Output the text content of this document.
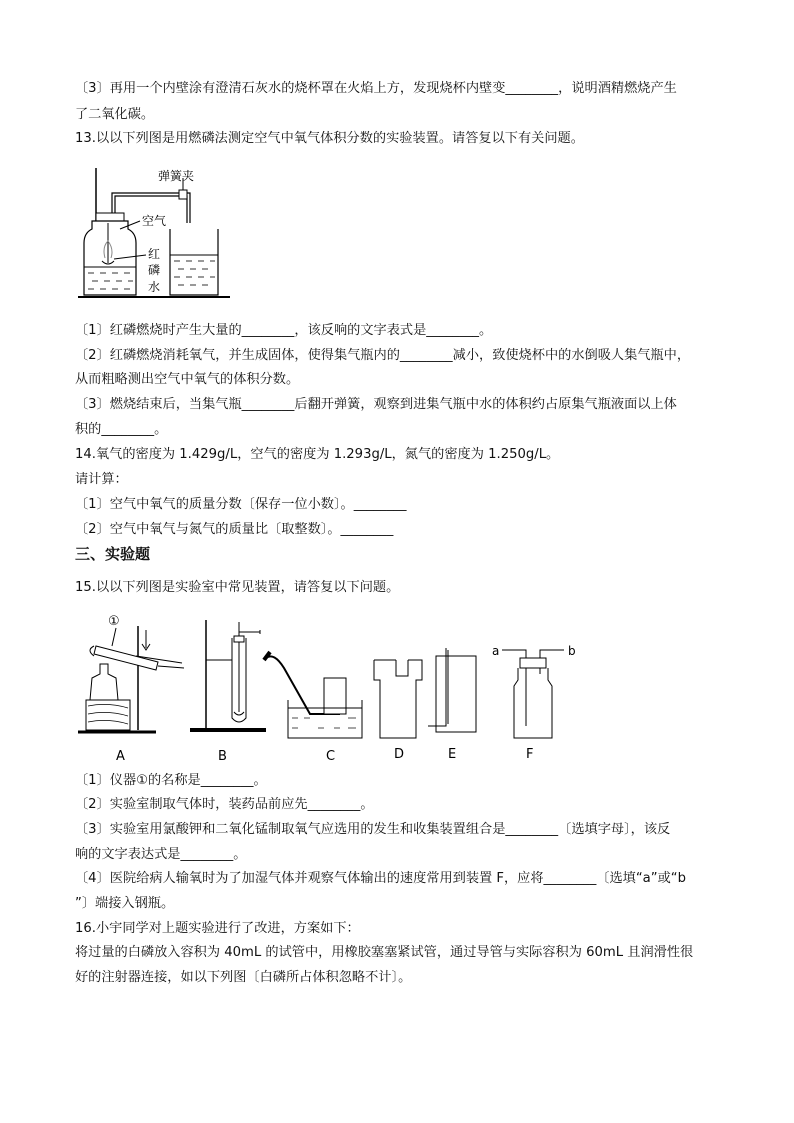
〔3〕再用一个内壁涂有澄清石灰水的烧杯罩在火焰上方，发现烧杯内壁变________，说明酒精燃烧产生
了二氧化碳。
13.以以下列图是用燃磷法测定空气中氧气体积分数的实验装置。请答复以下有关问题。
弹簧夹
空气
红
磷
水
〔1〕红磷燃烧时产生大量的________，该反响的文字表式是________。
〔2〕红磷燃烧消耗氧气，并生成固体，使得集气瓶内的________减小，致使烧杯中的水倒吸人集气瓶中，
从而粗略测出空气中氧气的体积分数。
〔3〕燃烧结束后，当集气瓶________后翻开弹簧，观察到进集气瓶中水的体积约占原集气瓶液面以上体
积的________。
14.氧气的密度为 1.429g/L，空气的密度为 1.293g/L，氮气的密度为 1.250g/L。
请计算：
〔1〕空气中氧气的质量分数〔保存一位小数〕。________
〔2〕空气中氧气与氮气的质量比〔取整数〕。________
三、实验题
15.以以下列图是实验室中常见装置，请答复以下问题。
①
A	B	C	D	E
a	b
F
〔1〕仪器①的名称是________。
〔2〕实验室制取气体时，装药品前应先________。
〔3〕实验室用氯酸钾和二氧化锰制取氧气应选用的发生和收集装置组合是________〔选填字母〕，该反
响的文字表达式是________。
〔4〕医院给病人输氧时为了加湿气体并观察气体输出的速度常用到装置 F，应将________〔选填“a”或“b
”〕端接入钢瓶。
16.小宇同学对上题实验进行了改进，方案如下：
将过量的白磷放入容积为 40mL 的试管中，用橡胶塞塞紧试管，通过导管与实际容积为 60mL 且润滑性很
好的注射器连接，如以下列图〔白磷所占体积忽略不计〕。
